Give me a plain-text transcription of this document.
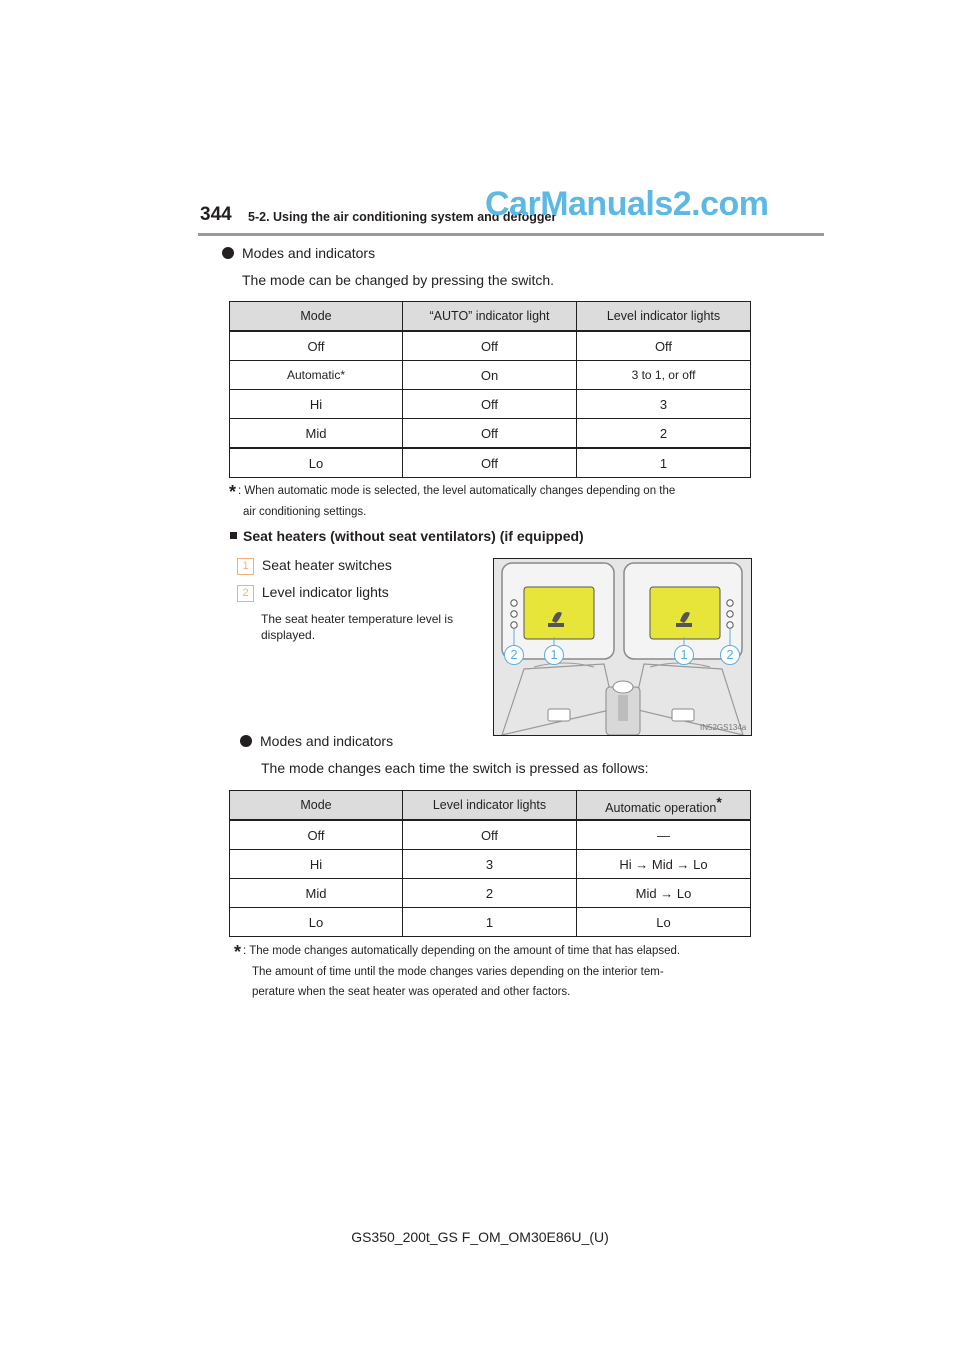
344 5-2. Using the air conditioning system and defogger
CarManuals2.com
Modes and indicators
The mode can be changed by pressing the switch.
Mode	“AUTO” indicator light	Level indicator lights
Off	Off	Off
Automatic*	On	3 to 1, or off
Hi	Off	3
Mid	Off	2
Lo	Off	1
* : When automatic mode is selected, the level automatically changes depending on the
air conditioning settings.
Seat heaters (without seat ventilators) (if equipped)
1 Seat heater switches
2 Level indicator lights
The seat heater temperature level is
displayed.
2	1	1	2
IN52GS134a
Modes and indicators
The mode changes each time the switch is pressed as follows:
Mode	Level indicator lights	Automatic operation*
Off	Off	—
Hi	3	Hi → Mid → Lo
Mid	2	Mid → Lo
Lo	1	Lo
* : The mode changes automatically depending on the amount of time that has elapsed.
The amount of time until the mode changes varies depending on the interior tem-
perature when the seat heater was operated and other factors.
GS350_200t_GS F_OM_OM30E86U_(U)
